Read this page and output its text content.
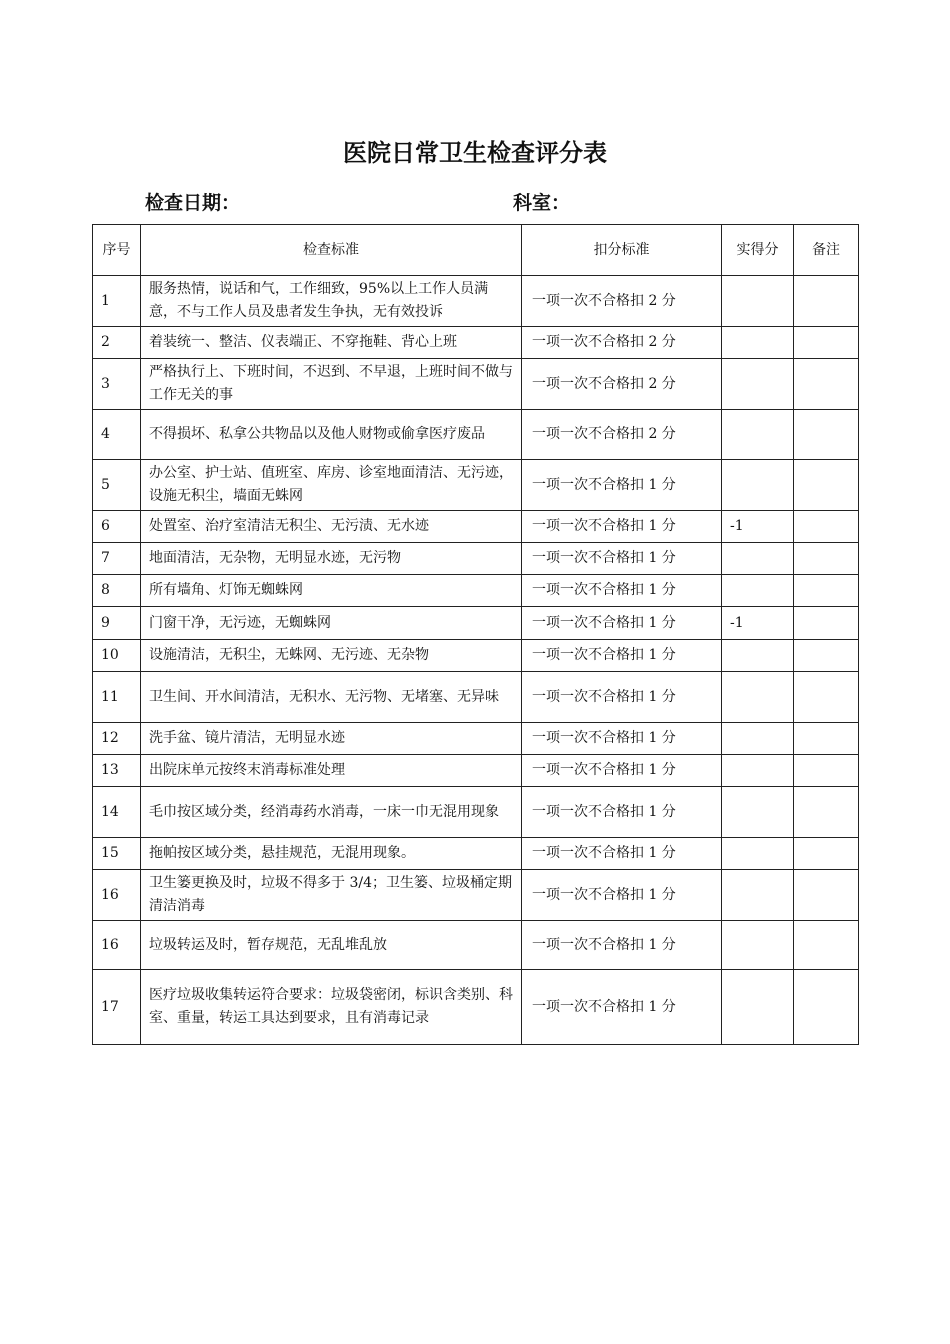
医院日常卫生检查评分表
检查日期：	科室：
序号	检查标准	扣分标准	实得分	备注
1	服务热情，说话和气，工作细致，95%以上工作人员满意，不与工作人员及患者发生争执，无有效投诉	一项一次不合格扣 2 分		
2	着装统一、整洁、仪表端正、不穿拖鞋、背心上班	一项一次不合格扣 2 分		
3	严格执行上、下班时间，不迟到、不早退，上班时间不做与工作无关的事	一项一次不合格扣 2 分		
4	不得损坏、私拿公共物品以及他人财物或偷拿医疗废品	一项一次不合格扣 2 分		
5	办公室、护士站、值班室、库房、诊室地面清洁、无污迹，设施无积尘，墙面无蛛网	一项一次不合格扣 1 分		
6	处置室、治疗室清洁无积尘、无污渍、无水迹	一项一次不合格扣 1 分	-1	
7	地面清洁，无杂物，无明显水迹，无污物	一项一次不合格扣 1 分		
8	所有墙角、灯饰无蜘蛛网	一项一次不合格扣 1 分		
9	门窗干净，无污迹，无蜘蛛网	一项一次不合格扣 1 分	-1	
10	设施清洁，无积尘，无蛛网、无污迹、无杂物	一项一次不合格扣 1 分		
11	卫生间、开水间清洁，无积水、无污物、无堵塞、无异味	一项一次不合格扣 1 分		
12	洗手盆、镜片清洁，无明显水迹	一项一次不合格扣 1 分		
13	出院床单元按终末消毒标准处理	一项一次不合格扣 1 分		
14	毛巾按区域分类，经消毒药水消毒，一床一巾无混用现象	一项一次不合格扣 1 分		
15	拖帕按区域分类，悬挂规范，无混用现象。	一项一次不合格扣 1 分		
16	卫生篓更换及时，垃圾不得多于 3/4；卫生篓、垃圾桶定期清洁消毒	一项一次不合格扣 1 分		
16	垃圾转运及时，暂存规范，无乱堆乱放	一项一次不合格扣 1 分		
17	医疗垃圾收集转运符合要求：垃圾袋密闭，标识含类别、科室、重量，转运工具达到要求，且有消毒记录	一项一次不合格扣 1 分		
